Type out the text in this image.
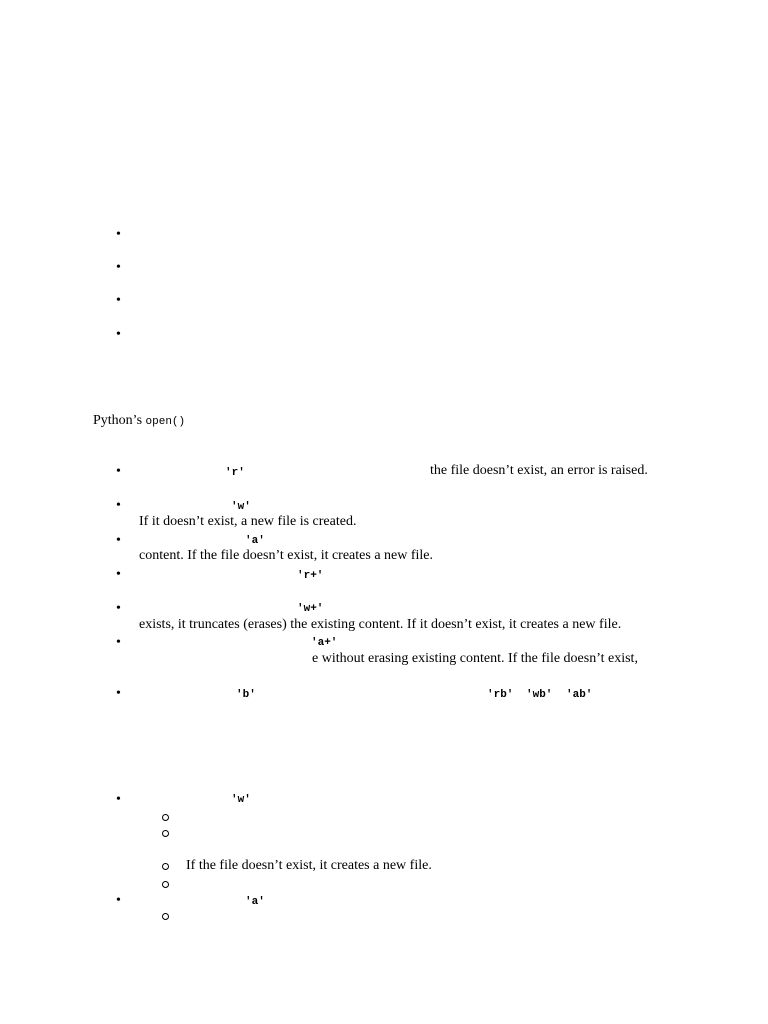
•
•
•
•
Python’s open()
•	'r'	the file doesn’t exist, an error is raised.
•	'w'
If it doesn’t exist, a new file is created.
•	'a'
content. If the file doesn’t exist, it creates a new file.
•	'r+'
•	'w+'
exists, it truncates (erases) the existing content. If it doesn’t exist, it creates a new file.
•	'a+'
e without erasing existing content. If the file doesn’t exist,
•	'b'	'rb' 'wb' 'ab'
•	'w'
If the file doesn’t exist, it creates a new file.
•	'a'
